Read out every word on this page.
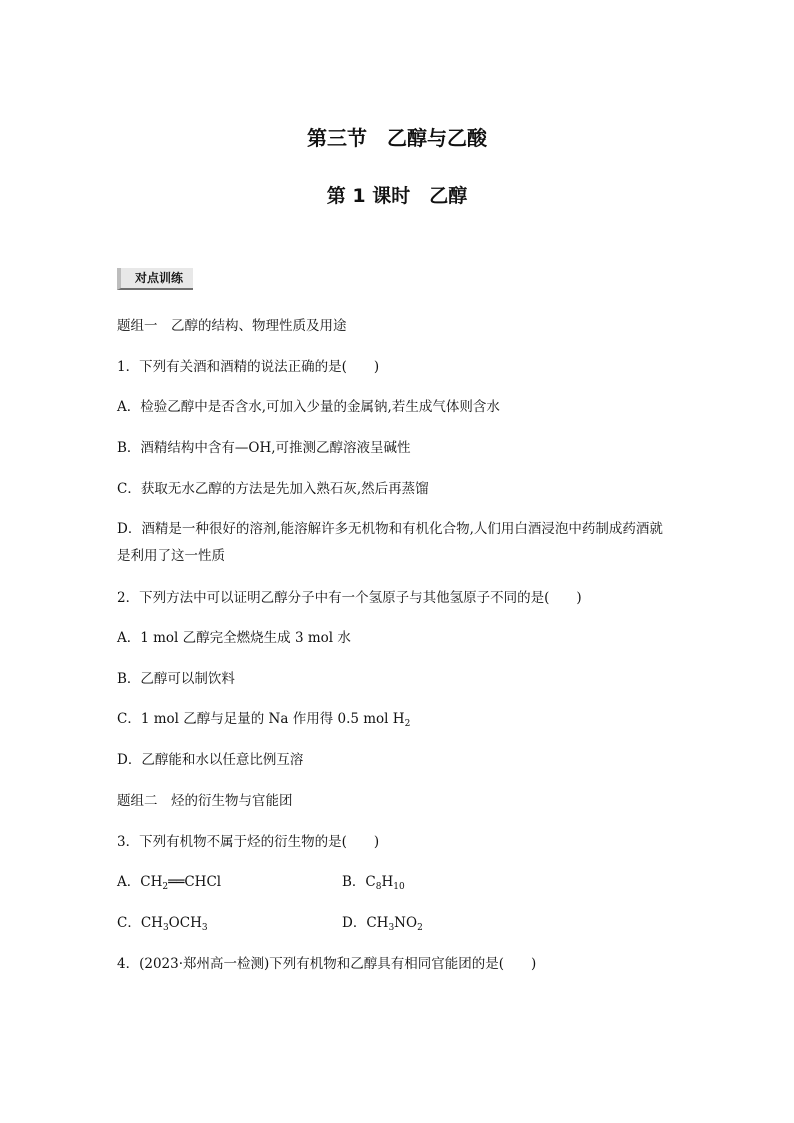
第三节　乙醇与乙酸
第 1 课时　乙醇
对点训练
题组一　乙醇的结构、物理性质及用途
1．下列有关酒和酒精的说法正确的是(　　)
A．检验乙醇中是否含水,可加入少量的金属钠,若生成气体则含水
B．酒精结构中含有—OH,可推测乙醇溶液呈碱性
C．获取无水乙醇的方法是先加入熟石灰,然后再蒸馏
D．酒精是一种很好的溶剂,能溶解许多无机物和有机化合物,人们用白酒浸泡中药制成药酒就
是利用了这一性质
2．下列方法中可以证明乙醇分子中有一个氢原子与其他氢原子不同的是(　　)
A．1 mol 乙醇完全燃烧生成 3 mol 水
B．乙醇可以制饮料
C．1 mol 乙醇与足量的 Na 作用得 0.5 mol $H_2$
D．乙醇能和水以任意比例互溶
题组二　烃的衍生物与官能团
3．下列有机物不属于烃的衍生物的是(　　)
A．$CH_2══CHCl$	B．$C_8H_{10}$
C．$CH_3OCH_3$	D．$CH_3NO_2$
4．(2023·郑州高一检测)下列有机物和乙醇具有相同官能团的是(　　)
